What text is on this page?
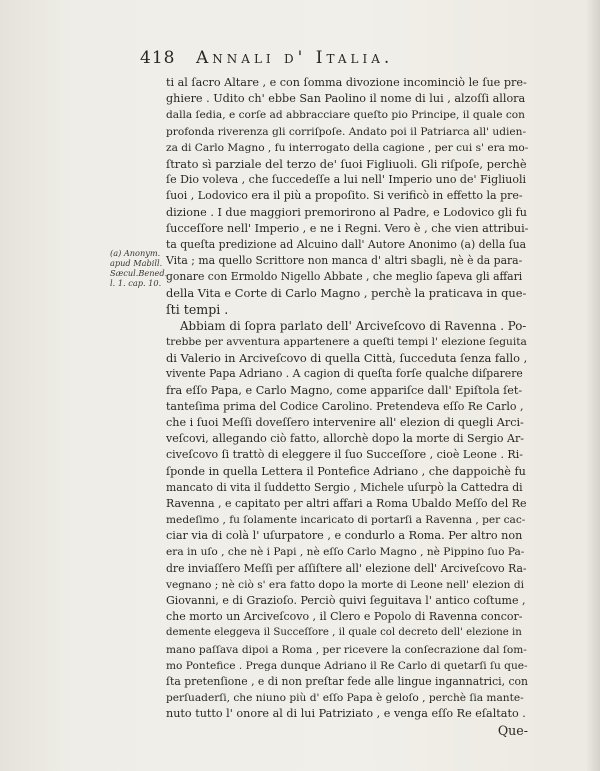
418 Annali d' Italia.
(a) Anonym.
apud Mabill.
Sæcul.Bened.
l. 1. cap. 10.
ti al ſacro Altare , e con ſomma divozione incominciò le ſue pre-
ghiere . Udito ch' ebbe San Paolino il nome di lui , alzoſſi allora
dalla ſedia, e corſe ad abbracciare queſto pio Principe, il quale con
profonda riverenza gli corriſpoſe. Andato poi il Patriarca all' udien-
za di Carlo Magno , fu interrogato della cagione , per cui s' era mo-
ſtrato sì parziale del terzo de' ſuoi Figliuoli. Gli riſpoſe, perchè
ſe Dio voleva , che ſuccedeſſe a lui nell' Imperio uno de' Figliuoli
ſuoi , Lodovico era il più a propoſito. Si verificò in effetto la pre-
dizione . I due maggiori premorirono al Padre, e Lodovico gli fu
ſucceſſore nell' Imperio , e ne i Regni. Vero è , che vien attribui-
ta queſta predizione ad Alcuino dall' Autore Anonimo (a) della ſua
Vita ; ma quello Scrittore non manca d' altri sbagli, nè è da para-
gonare con Ermoldo Nigello Abbate , che meglio ſapeva gli affari
della Vita e Corte di Carlo Magno , perchè la praticava in que-
ſti tempi .
Abbiam di ſopra parlato dell' Arciveſcovo di Ravenna . Po-
trebbe per avventura appartenere a queſti tempi l' elezione ſeguita
di Valerio in Arciveſcovo di quella Città, ſucceduta ſenza fallo ,
vivente Papa Adriano . A cagion di queſta forſe qualche diſparere
fra eſſo Papa, e Carlo Magno, come appariſce dall' Epiſtola ſet-
tanteſima prima del Codice Carolino. Pretendeva eſſo Re Carlo ,
che i ſuoi Meſſi doveſſero intervenire all' elezion di quegli Arci-
veſcovi, allegando ciò fatto, allorchè dopo la morte di Sergio Ar-
civeſcovo ſi trattò di eleggere il ſuo Succeſſore , cioè Leone . Ri-
ſponde in quella Lettera il Pontefice Adriano , che dappoichè fu
mancato di vita il ſuddetto Sergio , Michele uſurpò la Cattedra di
Ravenna , e capitato per altri affari a Roma Ubaldo Meſſo del Re
medeſimo , fu ſolamente incaricato di portarſi a Ravenna , per cac-
ciar via di colà l' uſurpatore , e condurlo a Roma. Per altro non
era in uſo , che nè i Papi , nè eſſo Carlo Magno , nè Pippino ſuo Pa-
dre inviaſſero Meſſi per aſſiſtere all' elezione dell' Arciveſcovo Ra-
vegnano ; nè ciò s' era fatto dopo la morte di Leone nell' elezion di
Giovanni, e di Grazioſo. Perciò quivi ſeguitava l' antico coſtume ,
che morto un Arciveſcovo , il Clero e Popolo di Ravenna concor-
demente eleggeva il Succeſſore , il quale col decreto dell' elezione in
mano paſſava dipoi a Roma , per ricevere la conſecrazione dal ſom-
mo Pontefice . Prega dunque Adriano il Re Carlo di quetarſi ſu que-
ſta pretenſione , e di non preſtar fede alle lingue ingannatrici, con
perſuaderſi, che niuno più d' eſſo Papa è geloſo , perchè ſia mante-
nuto tutto l' onore al di lui Patriziato , e venga eſſo Re eſaltato .
Que-
